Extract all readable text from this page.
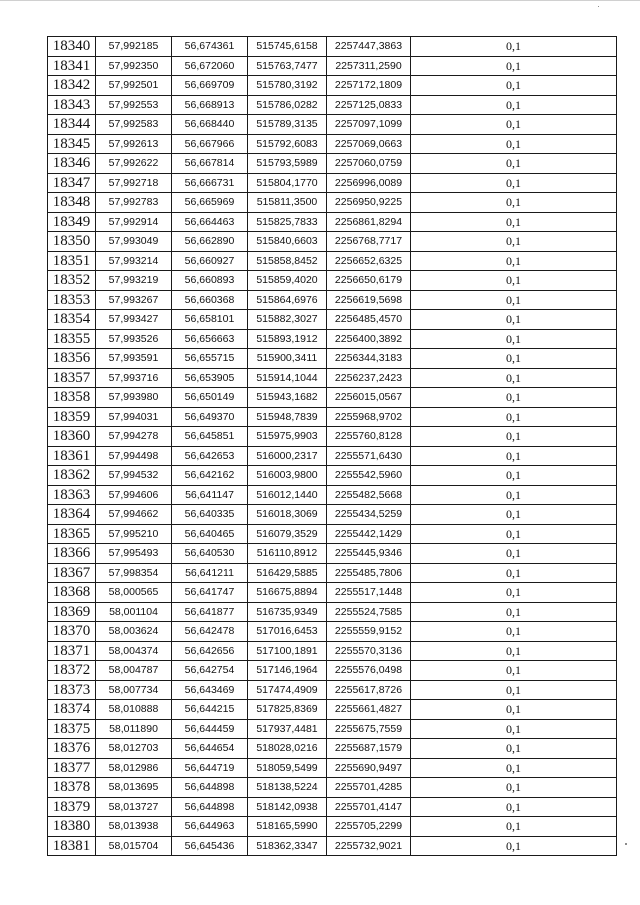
18340	57,992185	56,674361	515745,6158	2257447,3863	0,1
18341	57,992350	56,672060	515763,7477	2257311,2590	0,1
18342	57,992501	56,669709	515780,3192	2257172,1809	0,1
18343	57,992553	56,668913	515786,0282	2257125,0833	0,1
18344	57,992583	56,668440	515789,3135	2257097,1099	0,1
18345	57,992613	56,667966	515792,6083	2257069,0663	0,1
18346	57,992622	56,667814	515793,5989	2257060,0759	0,1
18347	57,992718	56,666731	515804,1770	2256996,0089	0,1
18348	57,992783	56,665969	515811,3500	2256950,9225	0,1
18349	57,992914	56,664463	515825,7833	2256861,8294	0,1
18350	57,993049	56,662890	515840,6603	2256768,7717	0,1
18351	57,993214	56,660927	515858,8452	2256652,6325	0,1
18352	57,993219	56,660893	515859,4020	2256650,6179	0,1
18353	57,993267	56,660368	515864,6976	2256619,5698	0,1
18354	57,993427	56,658101	515882,3027	2256485,4570	0,1
18355	57,993526	56,656663	515893,1912	2256400,3892	0,1
18356	57,993591	56,655715	515900,3411	2256344,3183	0,1
18357	57,993716	56,653905	515914,1044	2256237,2423	0,1
18358	57,993980	56,650149	515943,1682	2256015,0567	0,1
18359	57,994031	56,649370	515948,7839	2255968,9702	0,1
18360	57,994278	56,645851	515975,9903	2255760,8128	0,1
18361	57,994498	56,642653	516000,2317	2255571,6430	0,1
18362	57,994532	56,642162	516003,9800	2255542,5960	0,1
18363	57,994606	56,641147	516012,1440	2255482,5668	0,1
18364	57,994662	56,640335	516018,3069	2255434,5259	0,1
18365	57,995210	56,640465	516079,3529	2255442,1429	0,1
18366	57,995493	56,640530	516110,8912	2255445,9346	0,1
18367	57,998354	56,641211	516429,5885	2255485,7806	0,1
18368	58,000565	56,641747	516675,8894	2255517,1448	0,1
18369	58,001104	56,641877	516735,9349	2255524,7585	0,1
18370	58,003624	56,642478	517016,6453	2255559,9152	0,1
18371	58,004374	56,642656	517100,1891	2255570,3136	0,1
18372	58,004787	56,642754	517146,1964	2255576,0498	0,1
18373	58,007734	56,643469	517474,4909	2255617,8726	0,1
18374	58,010888	56,644215	517825,8369	2255661,4827	0,1
18375	58,011890	56,644459	517937,4481	2255675,7559	0,1
18376	58,012703	56,644654	518028,0216	2255687,1579	0,1
18377	58,012986	56,644719	518059,5499	2255690,9497	0,1
18378	58,013695	56,644898	518138,5224	2255701,4285	0,1
18379	58,013727	56,644898	518142,0938	2255701,4147	0,1
18380	58,013938	56,644963	518165,5990	2255705,2299	0,1
18381	58,015704	56,645436	518362,3347	2255732,9021	0,1
